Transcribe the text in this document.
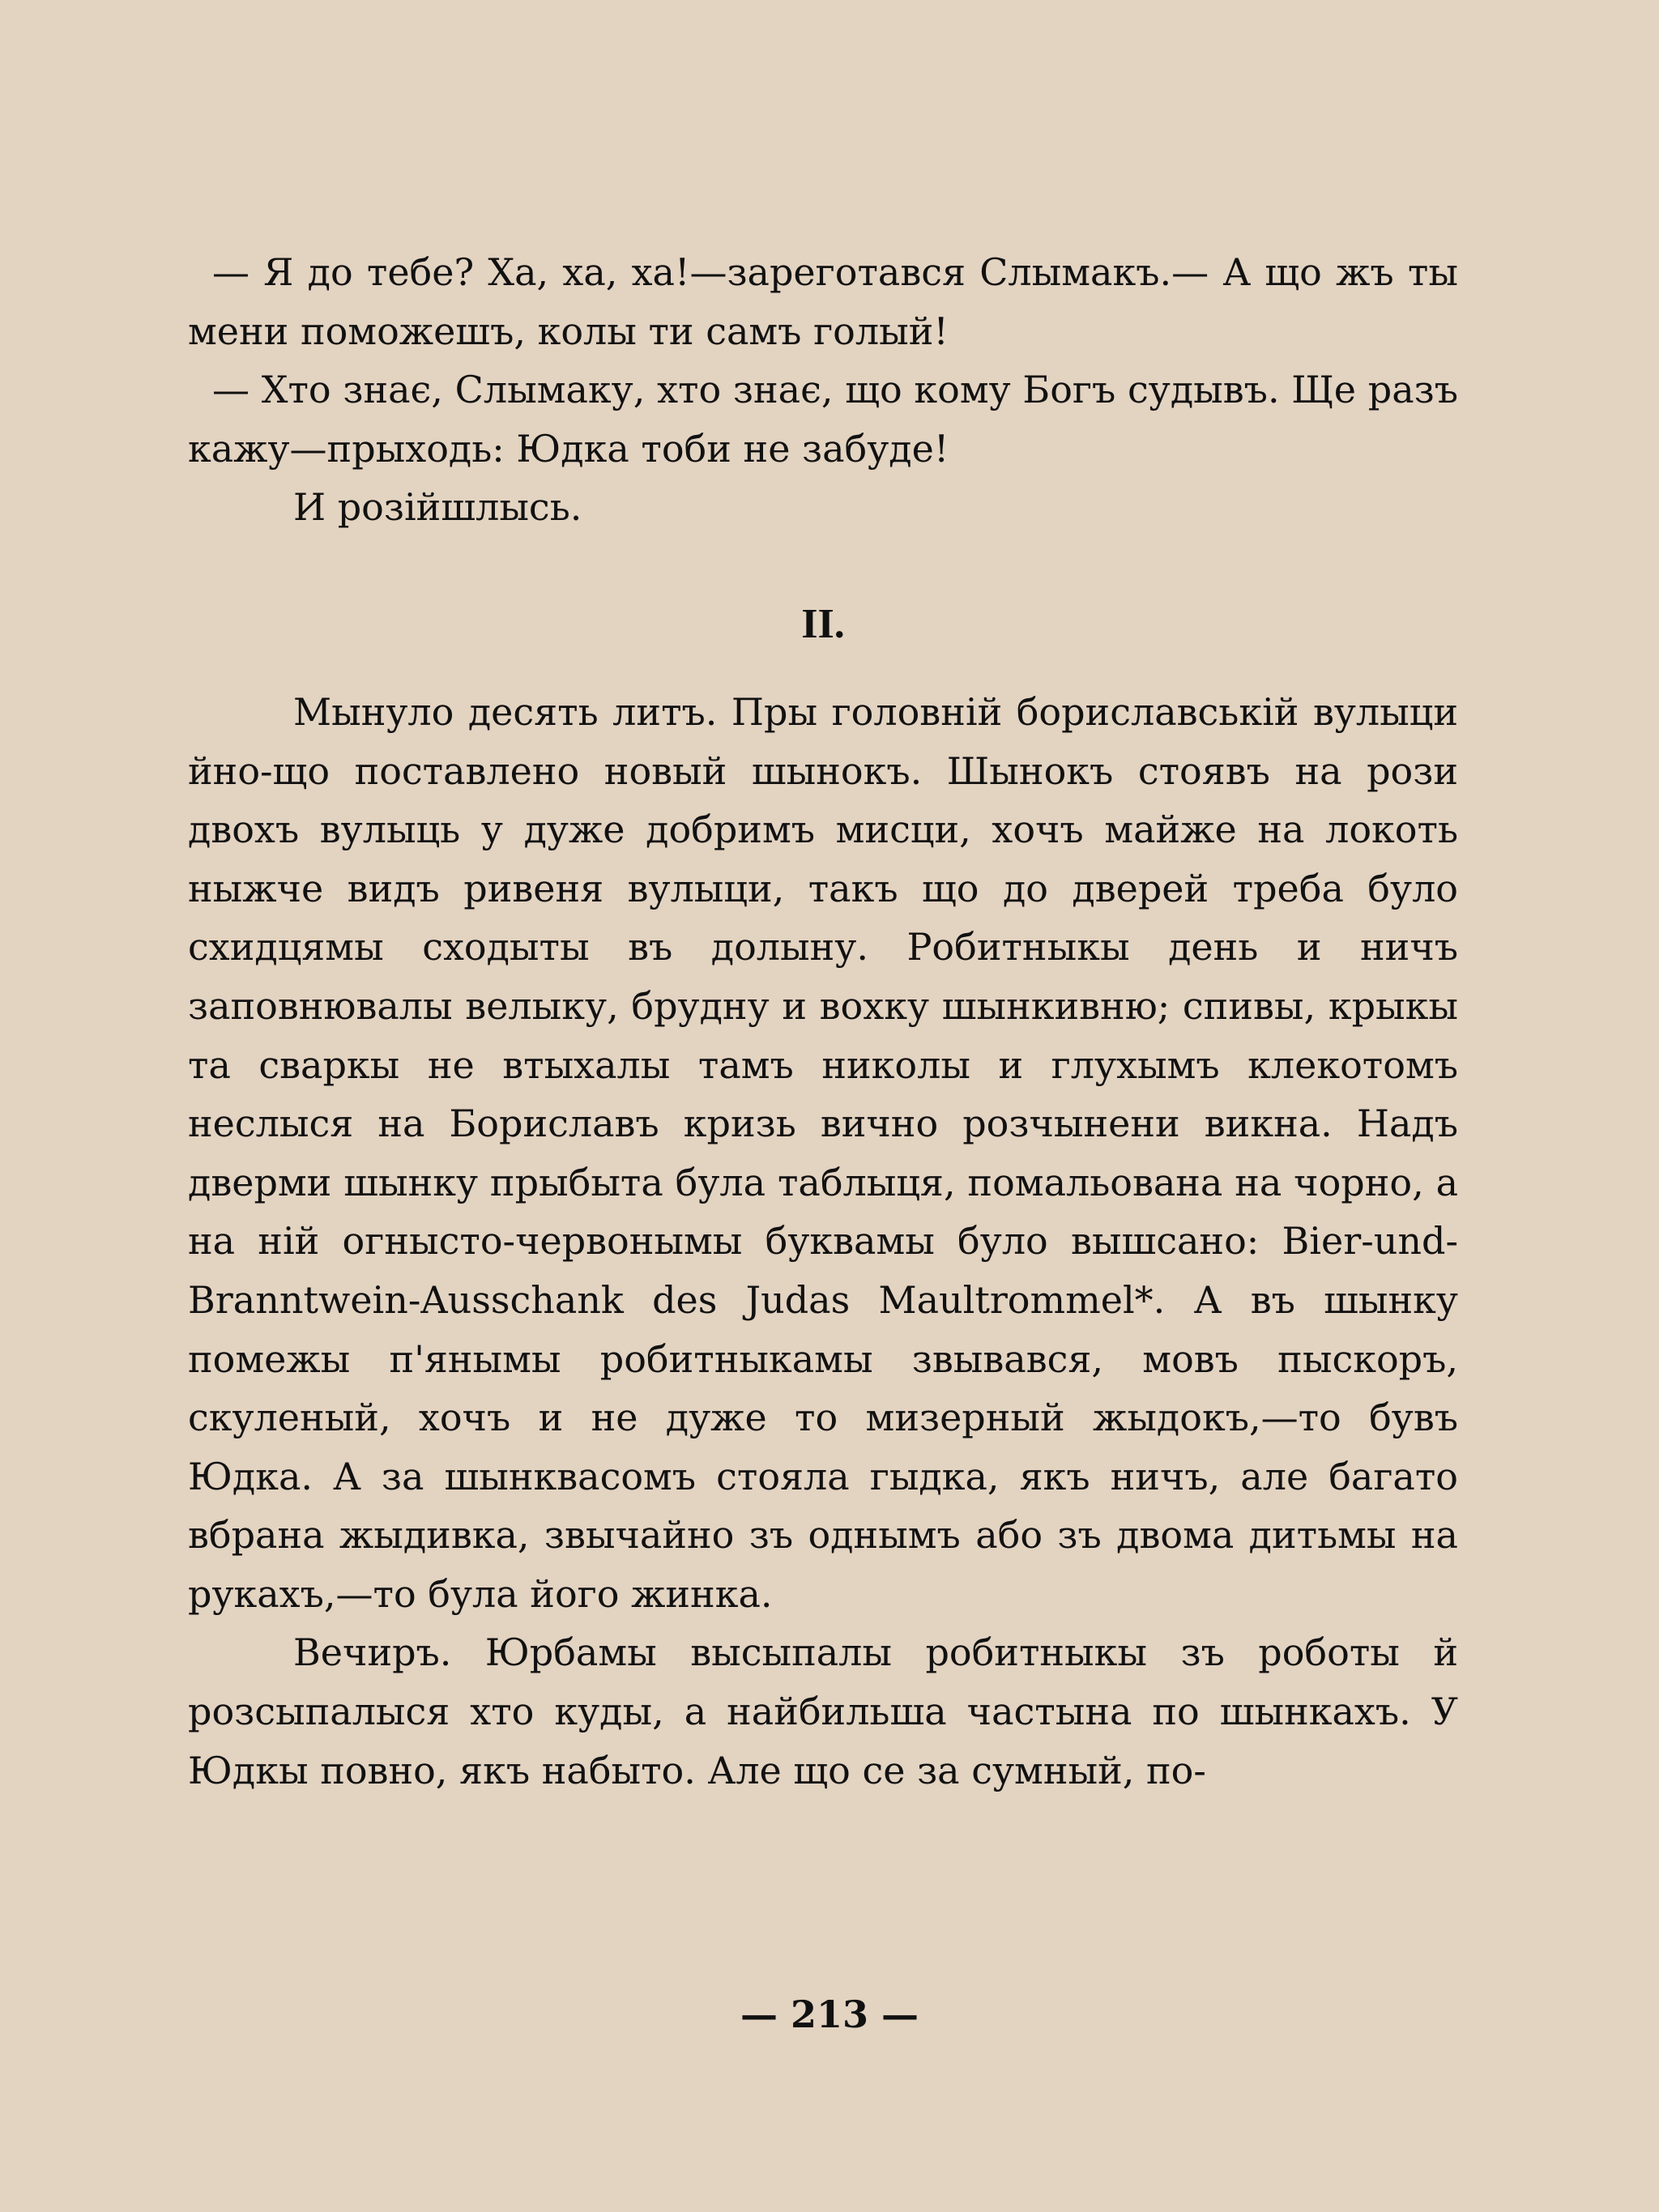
— Я до тебе? Ха, ха, ха!—зареготався Слымакъ.— А що жъ ты мени поможешъ, колы ти самъ голый!

— Хто знає, Слымаку, хто знає, що кому Богъ судывъ. Ще разъ кажу—прыходь: Юдка тоби не забуде!

И розійшлысь.

II.

Мынуло десять литъ. Пры головній бориславській вулыци йно-що поставлено новый шынокъ. Шынокъ стоявъ на рози двохъ вулыць у дуже добримъ мисци, хочъ майже на локоть ныжче видъ ривеня вулыци, такъ що до дверей треба було схидцямы сходыты въ долыну. Робитныкы день и ничъ заповнювалы велыку, брудну и вохку шынкивню; спивы, крыкы та сваркы не втыхалы тамъ николы и глухымъ клекотомъ неслыся на Бориславъ кризь вично розчынени викна. Надъ дверми шынку прыбыта була таблыця, помальована на чорно, а на ній огнысто-червонымы буквамы було вышсано: Bier-und-Branntwein-Ausschank des Judas Maultrommel*. А въ шынку помежы п'янымы робитныкамы звывався, мовъ пыскоръ, скуленый, хочъ и не дуже то мизерный жыдокъ,—то бувъ Юдка. А за шынквасомъ стояла гыдка, якъ ничъ, але багато вбрана жыдивка, звычайно зъ однымъ або зъ двома дитьмы на рукахъ,—то була його жинка.

Вечиръ. Юрбамы высыпалы робитныкы зъ роботы й розсыпалыся хто куды, а найбильша частына по шынкахъ. У Юдкы повно, якъ набыто. Але що се за сумный, по-

— 213 —
